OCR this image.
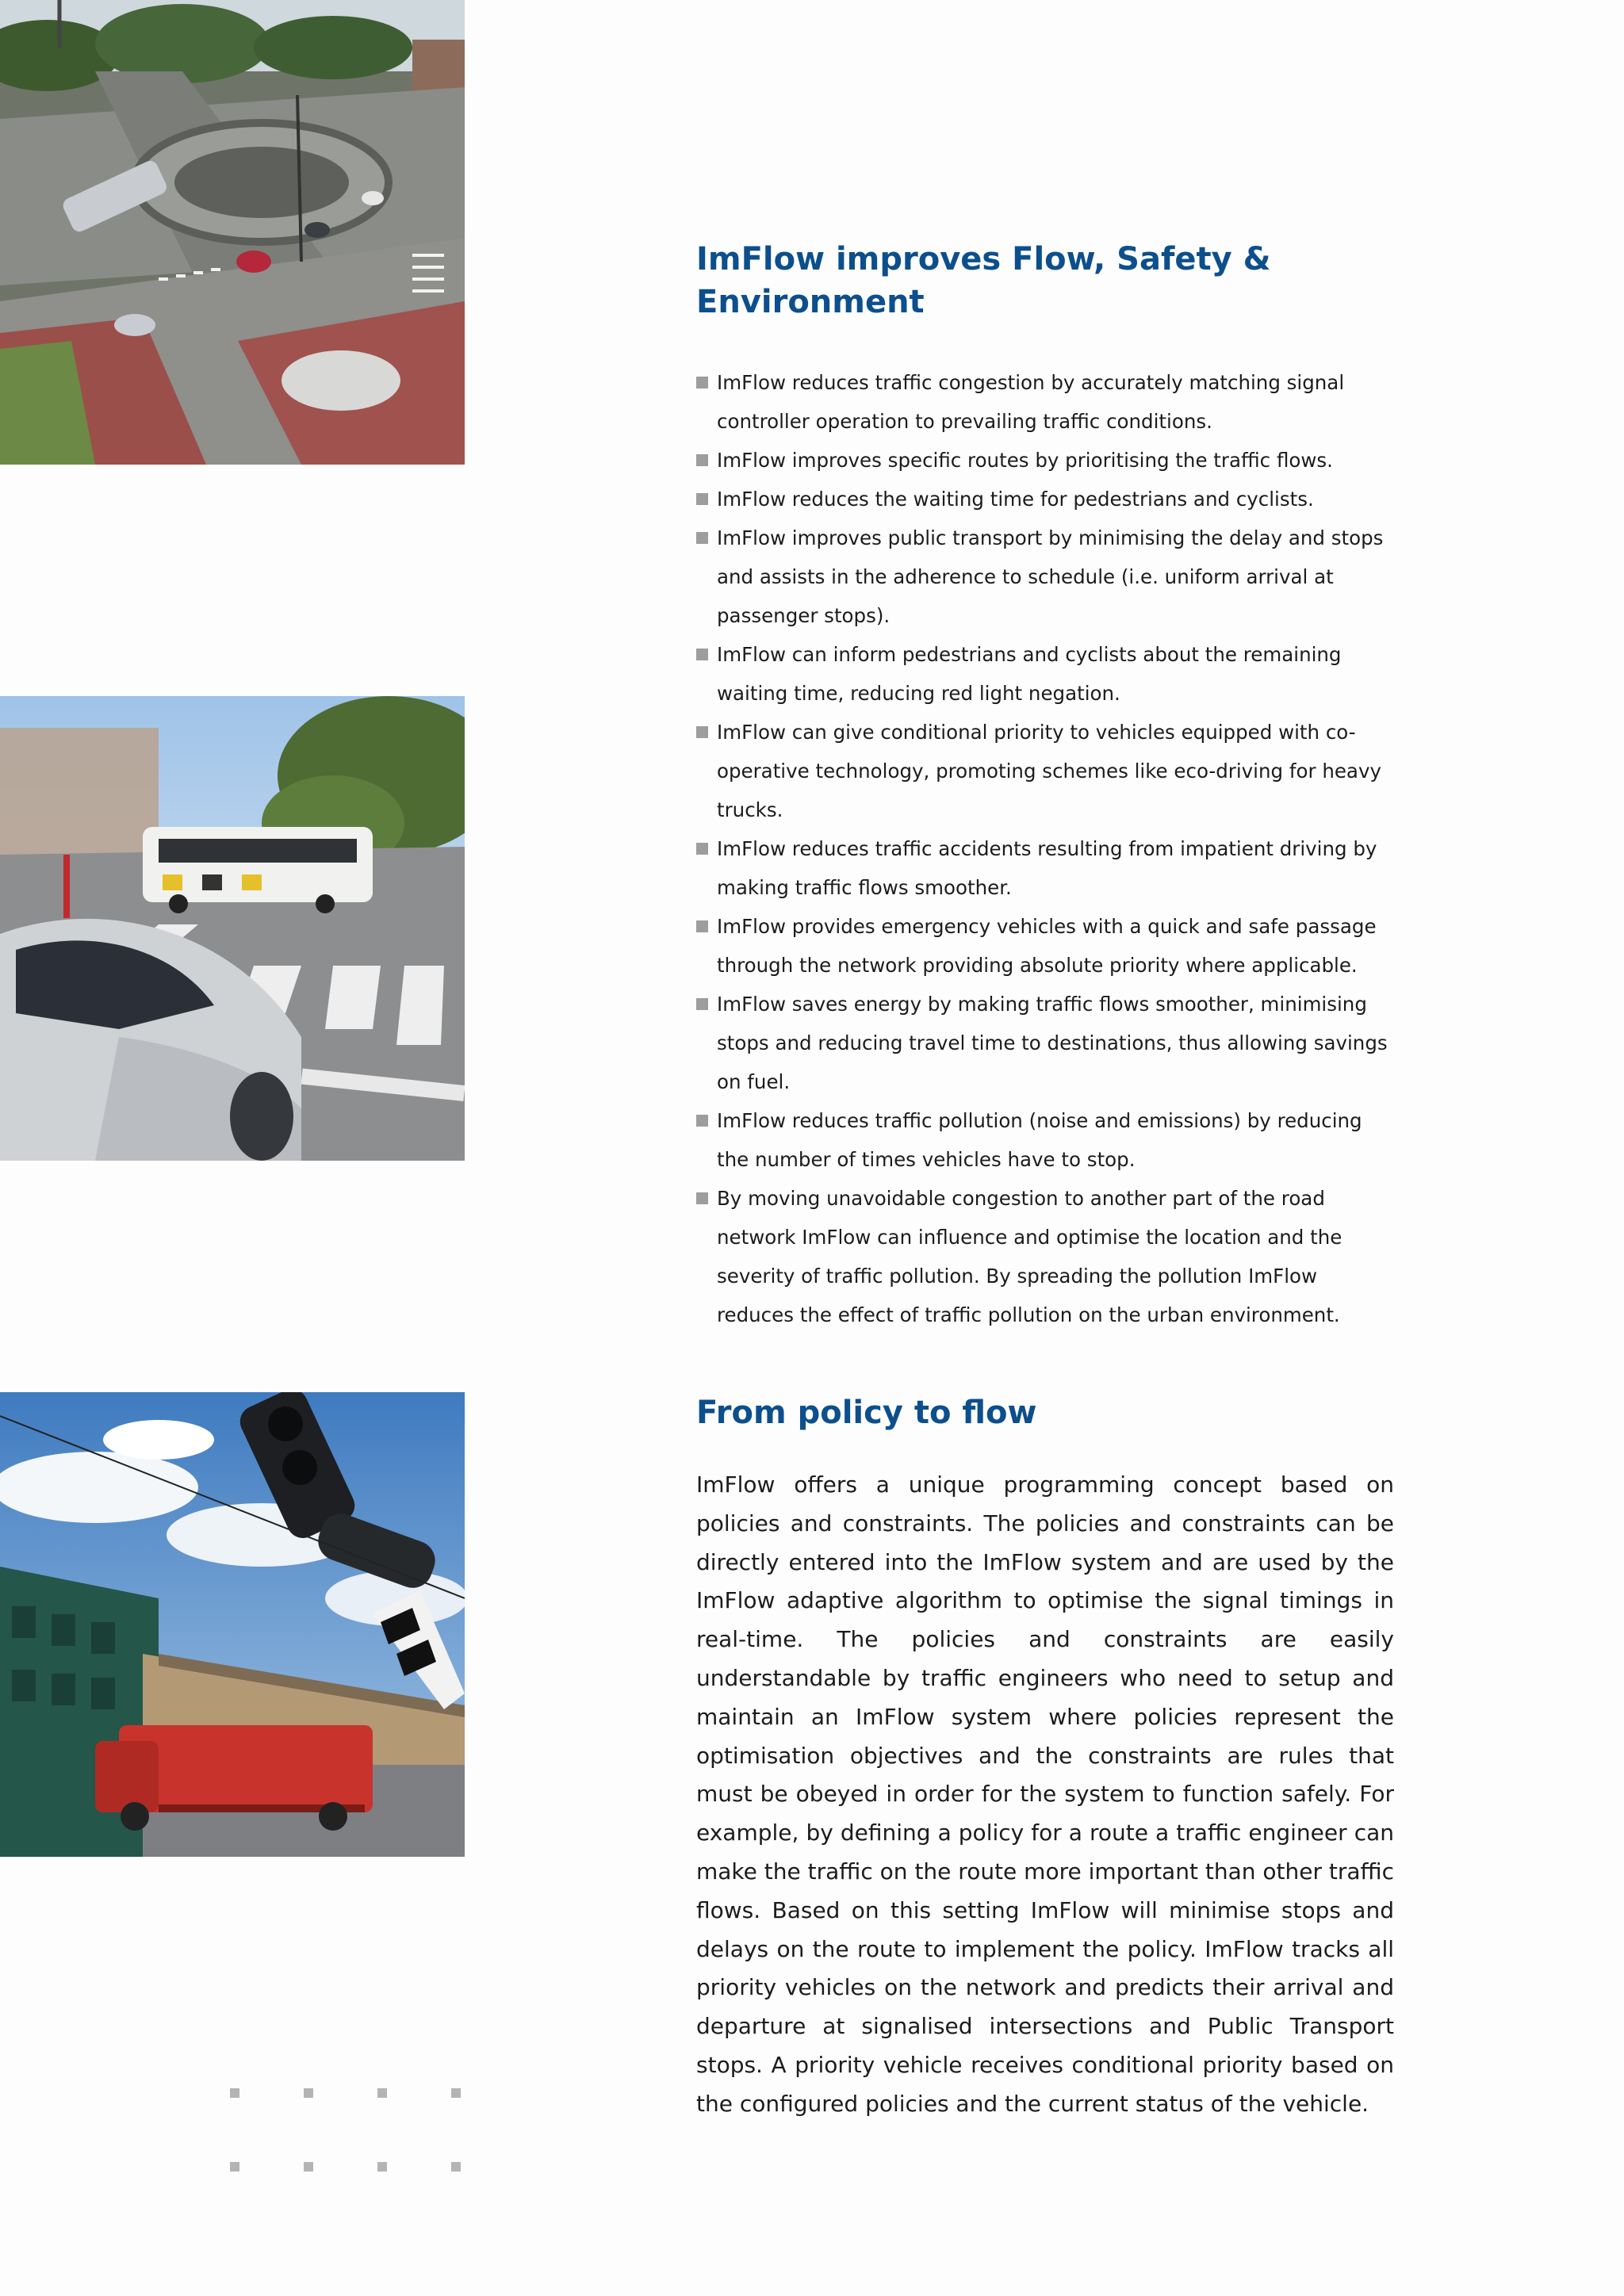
ImFlow improves Flow, Safety & Environment
ImFlow reduces traffic congestion by accurately matching signal controller operation to prevailing traffic conditions.
ImFlow improves specific routes by prioritising the traffic flows.
ImFlow reduces the waiting time for pedestrians and cyclists.
ImFlow improves public transport by minimising the delay and stops and assists in the adherence to schedule (i.e. uniform arrival at passenger stops).
ImFlow can inform pedestrians and cyclists about the remaining waiting time, reducing red light negation.
ImFlow can give conditional priority to vehicles equipped with co-operative technology, promoting schemes like eco-driving for heavy trucks.
ImFlow reduces traffic accidents resulting from impatient driving by making traffic flows smoother.
ImFlow provides emergency vehicles with a quick and safe passage through the network providing absolute priority where applicable.
ImFlow saves energy by making traffic flows smoother, minimising stops and reducing travel time to destinations, thus allowing savings on fuel.
ImFlow reduces traffic pollution (noise and emissions) by reducing the number of times vehicles have to stop.
By moving unavoidable congestion to another part of the road network ImFlow can influence and optimise the location and the severity of traffic pollution. By spreading the pollution ImFlow reduces the effect of traffic pollution on the urban environment.
From policy to flow

ImFlow offers a unique programming concept based on policies and constraints. The policies and constraints can be directly entered into the ImFlow system and are used by the ImFlow adaptive algorithm to optimise the signal timings in real-time. The policies and constraints are easily understandable by traffic engineers who need to setup and maintain an ImFlow system where policies represent the optimisation objectives and the constraints are rules that must be obeyed in order for the system to function safely. For example, by defining a policy for a route a traffic engineer can make the traffic on the route more important than other traffic flows. Based on this setting ImFlow will minimise stops and delays on the route to implement the policy. ImFlow tracks all priority vehicles on the network and predicts their arrival and departure at signalised intersections and Public Transport stops. A priority vehicle receives conditional priority based on the configured policies and the current status of the vehicle.
